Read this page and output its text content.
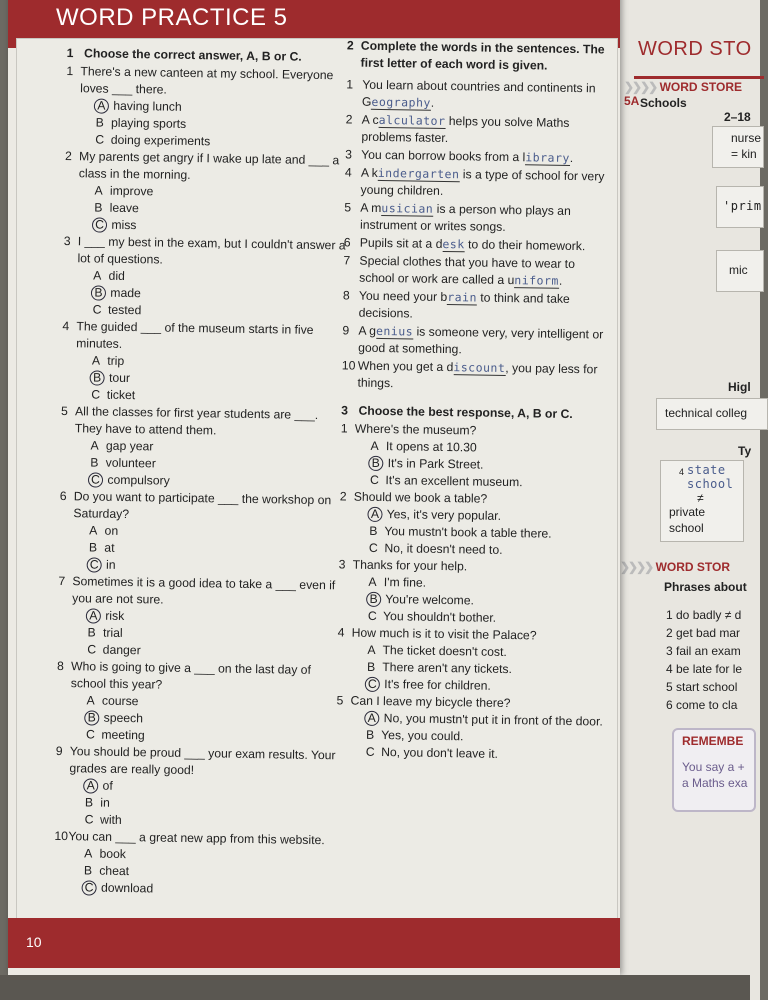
WORD STO
❯❯❯❯ WORD STORE 5A Schools
2–18
nurse
= kin
'prim
mic
Higl
technical colleg
Ty
4 state school
≠
private
school
❯❯❯❯ WORD STOR
Phrases about
1 do badly ≠ d
2 get bad mar
3 fail an exam
4 be late for le
5 start school
6 come to cla
REMEMBE
You say a +
a Maths exa
WORD PRACTICE 5
10
1 Choose the correct answer, A, B or C.
1 There's a new canteen at my school. Everyone loves ___ there.
A having lunch
B playing sports
C doing experiments
2 My parents get angry if I wake up late and ___ a class in the morning.
A improve
B leave
C miss
3 I ___ my best in the exam, but I couldn't answer a lot of questions.
A did
B made
C tested
4 The guided ___ of the museum starts in five minutes.
A trip
B tour
C ticket
5 All the classes for first year students are ___. They have to attend them.
A gap year
B volunteer
C compulsory
6 Do you want to participate ___ the workshop on Saturday?
A on
B at
C in
7 Sometimes it is a good idea to take a ___ even if you are not sure.
A risk
B trial
C danger
8 Who is going to give a ___ on the last day of school this year?
A course
B speech
C meeting
9 You should be proud ___ your exam results. Your grades are really good!
A of
B in
C with
10 You can ___ a great new app from this website.
A book
B cheat
C download
2 Complete the words in the sentences. The first letter of each word is given.
1 You learn about countries and continents in Geography.
2 A calculator helps you solve Maths problems faster.
3 You can borrow books from a library.
4 A kindergarten is a type of school for very young children.
5 A musician is a person who plays an instrument or writes songs.
6 Pupils sit at a desk to do their homework.
7 Special clothes that you have to wear to school or work are called a uniform.
8 You need your brain to think and take decisions.
9 A genius is someone very, very intelligent or good at something.
10 When you get a discount, you pay less for things.
3 Choose the best response, A, B or C.
1 Where's the museum?
A It opens at 10.30
B It's in Park Street.
C It's an excellent museum.
2 Should we book a table?
A Yes, it's very popular.
B You mustn't book a table there.
C No, it doesn't need to.
3 Thanks for your help.
A I'm fine.
B You're welcome.
C You shouldn't bother.
4 How much is it to visit the Palace?
A The ticket doesn't cost.
B There aren't any tickets.
C It's free for children.
5 Can I leave my bicycle there?
A No, you mustn't put it in front of the door.
B Yes, you could.
C No, you don't leave it.
